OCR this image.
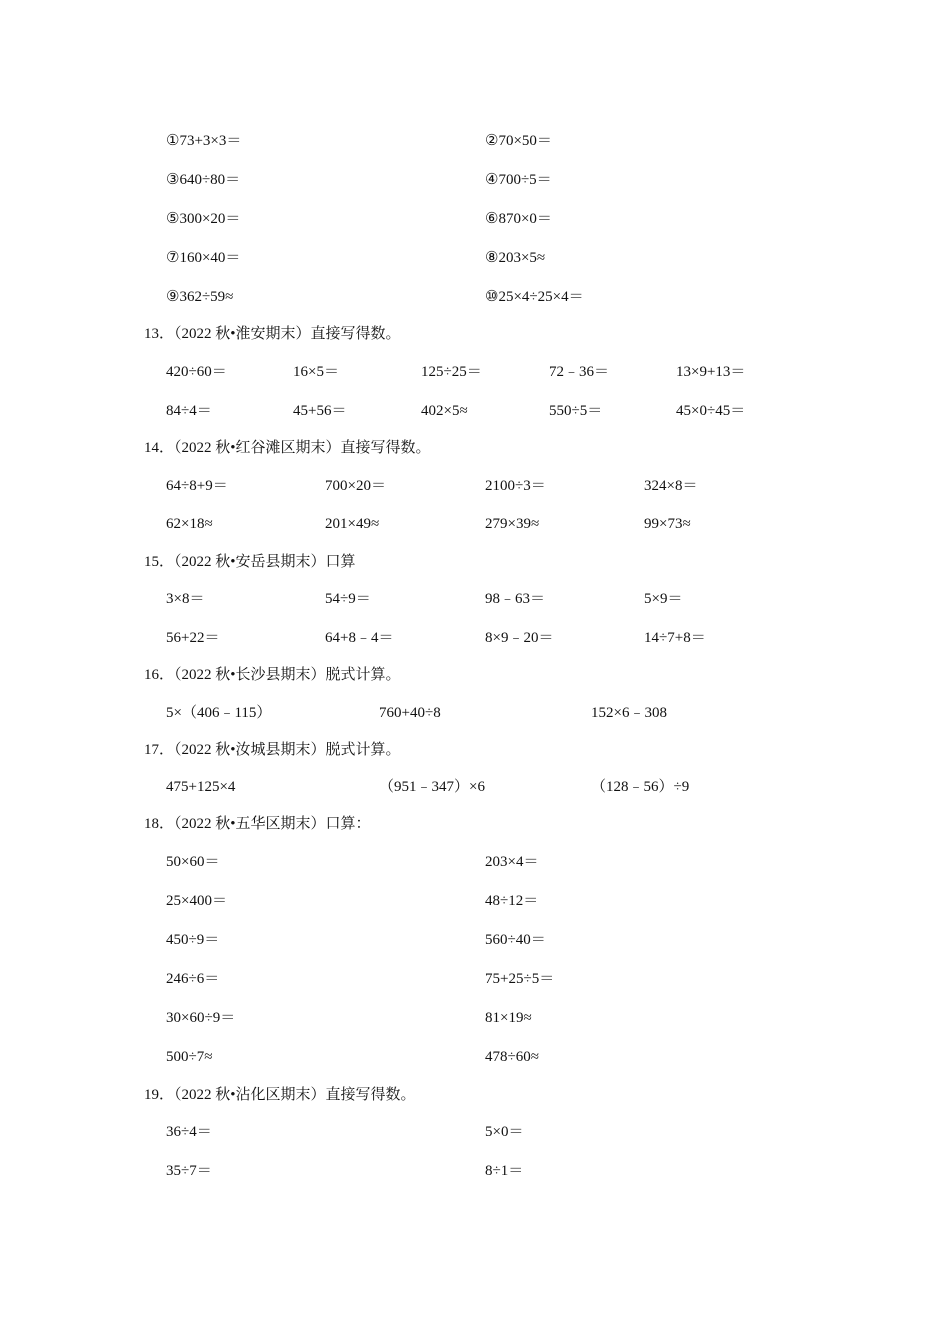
①73+3×3＝	②70×50＝
③640÷80＝	④700÷5＝
⑤300×20＝	⑥870×0＝
⑦160×40＝	⑧203×5≈
⑨362÷59≈	⑩25×4÷25×4＝
13．（2022 秋•淮安期末）直接写得数。
420÷60＝	16×5＝	125÷25＝	72﹣36＝	13×9+13＝
84÷4＝	45+56＝	402×5≈	550÷5＝	45×0÷45＝
14．（2022 秋•红谷滩区期末）直接写得数。
64÷8+9＝	700×20＝	2100÷3＝	324×8＝
62×18≈	201×49≈	279×39≈	99×73≈
15．（2022 秋•安岳县期末）口算
3×8＝	54÷9＝	98﹣63＝	5×9＝
56+22＝	64+8﹣4＝	8×9﹣20＝	14÷7+8＝
16．（2022 秋•长沙县期末）脱式计算。
5×（406﹣115）	760+40÷8	152×6﹣308
17．（2022 秋•汝城县期末）脱式计算。
475+125×4	（951﹣347）×6	（128﹣56）÷9
18．（2022 秋•五华区期末）口算：
50×60＝	203×4＝
25×400＝	48÷12＝
450÷9＝	560÷40＝
246÷6＝	75+25÷5＝
30×60÷9＝	81×19≈
500÷7≈	478÷60≈
19．（2022 秋•沾化区期末）直接写得数。
36÷4＝	5×0＝
35÷7＝	8÷1＝
